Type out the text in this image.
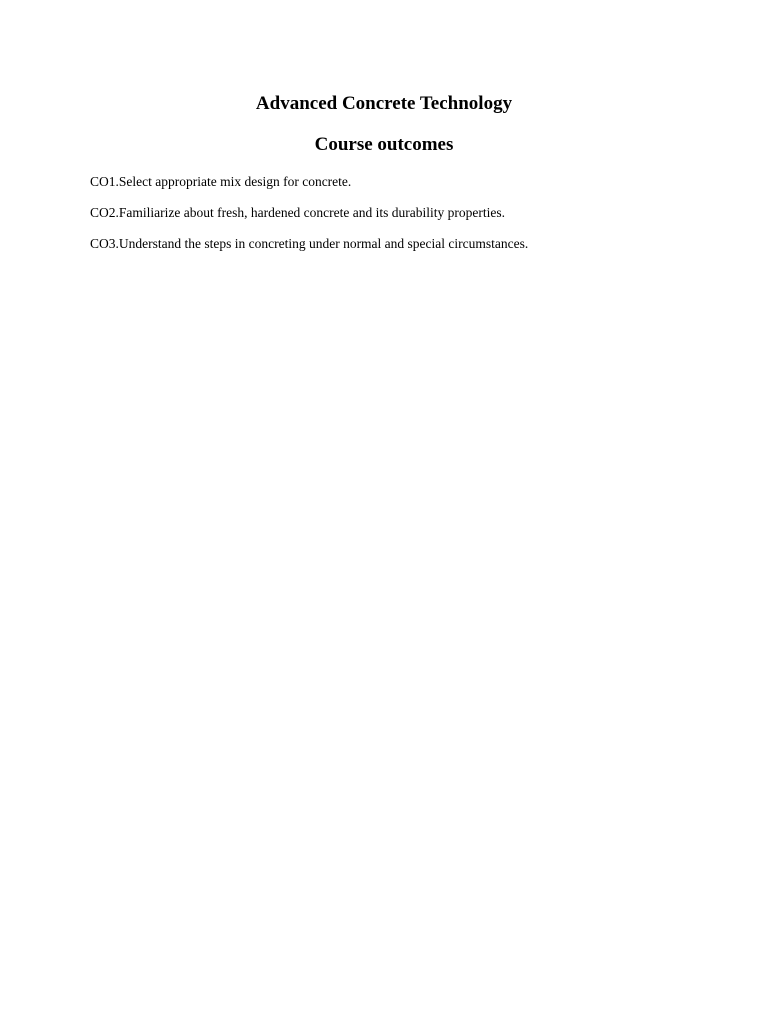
Advanced Concrete Technology
Course outcomes
CO1.Select appropriate mix design for concrete.
CO2.Familiarize about fresh, hardened concrete and its durability properties.
CO3.Understand the steps in concreting under normal and special circumstances.
